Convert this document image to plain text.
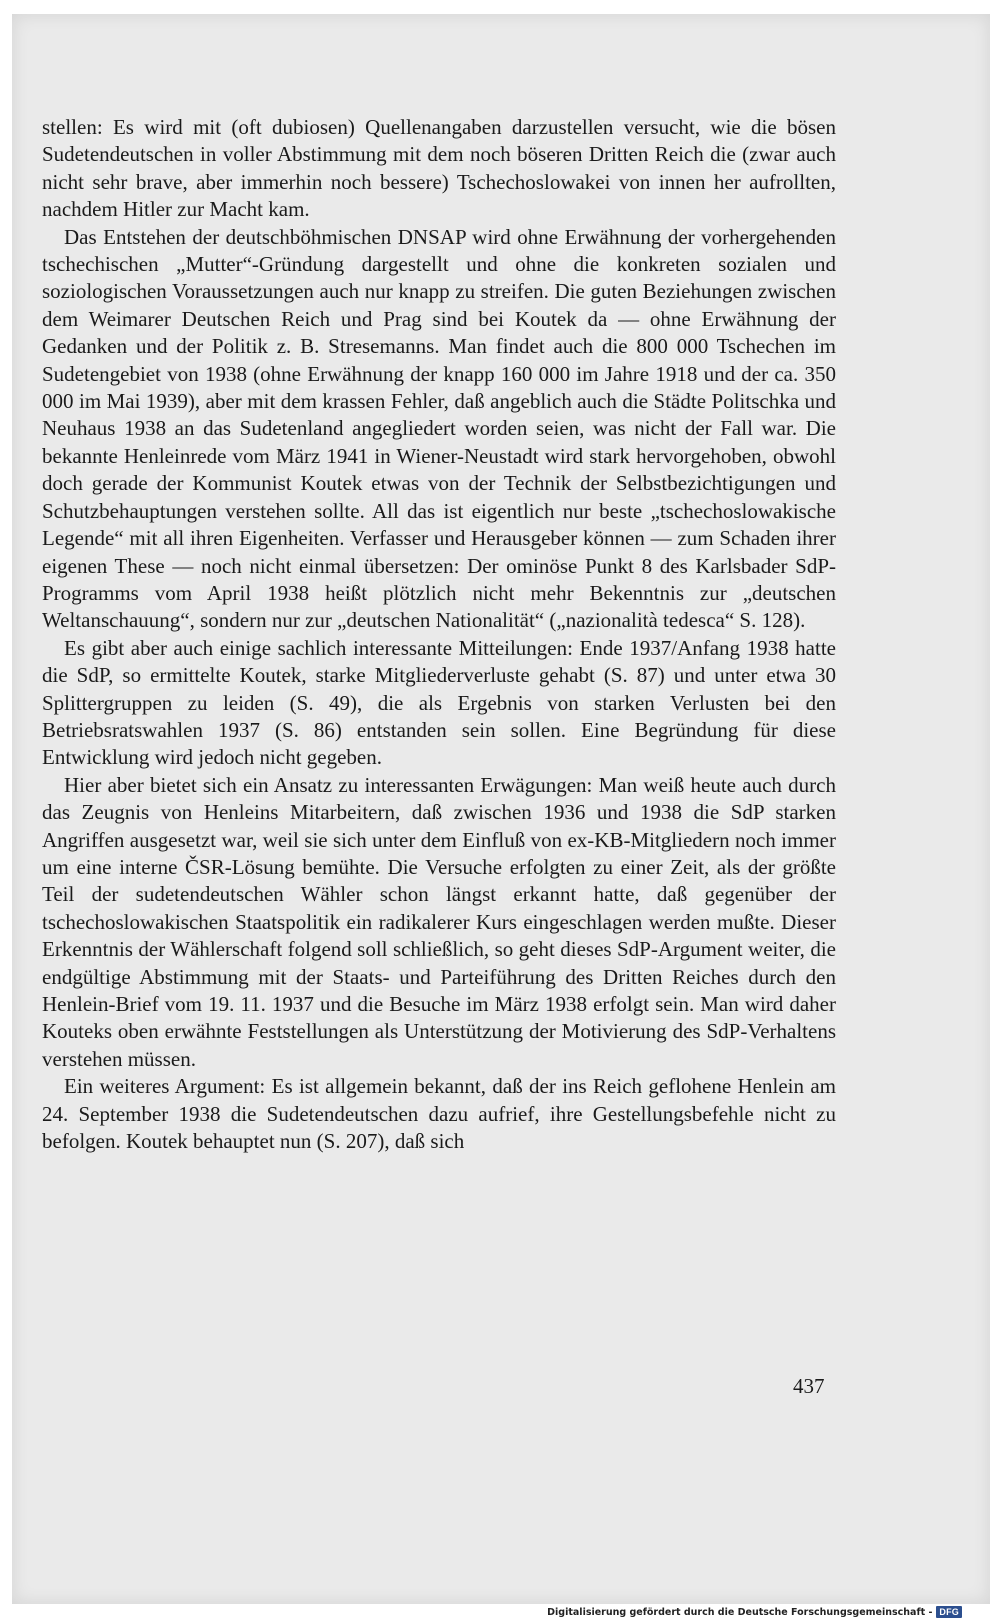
stellen: Es wird mit (oft dubiosen) Quellenangaben darzustellen versucht, wie die bösen Sudetendeutschen in voller Abstimmung mit dem noch böseren Dritten Reich die (zwar auch nicht sehr brave, aber immerhin noch bessere) Tschechoslowakei von innen her aufrollten, nachdem Hitler zur Macht kam.

Das Entstehen der deutschböhmischen DNSAP wird ohne Erwähnung der vorhergehenden tschechischen „Mutter“-Gründung dargestellt und ohne die konkreten sozialen und soziologischen Voraussetzungen auch nur knapp zu streifen. Die guten Beziehungen zwischen dem Weimarer Deutschen Reich und Prag sind bei Koutek da — ohne Erwähnung der Gedanken und der Politik z. B. Stresemanns. Man findet auch die 800 000 Tschechen im Sudetengebiet von 1938 (ohne Erwähnung der knapp 160 000 im Jahre 1918 und der ca. 350 000 im Mai 1939), aber mit dem krassen Fehler, daß angeblich auch die Städte Politschka und Neuhaus 1938 an das Sudetenland angegliedert worden seien, was nicht der Fall war. Die bekannte Henleinrede vom März 1941 in Wiener-Neustadt wird stark hervorgehoben, obwohl doch gerade der Kommunist Koutek etwas von der Technik der Selbstbezichtigungen und Schutzbehauptungen verstehen sollte. All das ist eigentlich nur beste „tschechoslowakische Legende“ mit all ihren Eigenheiten. Verfasser und Herausgeber können — zum Schaden ihrer eigenen These — noch nicht einmal übersetzen: Der ominöse Punkt 8 des Karlsbader SdP-Programms vom April 1938 heißt plötzlich nicht mehr Bekenntnis zur „deutschen Weltanschauung“, sondern nur zur „deutschen Nationalität“ („nazionalità tedesca“ S. 128).

Es gibt aber auch einige sachlich interessante Mitteilungen: Ende 1937/Anfang 1938 hatte die SdP, so ermittelte Koutek, starke Mitgliederverluste gehabt (S. 87) und unter etwa 30 Splittergruppen zu leiden (S. 49), die als Ergebnis von starken Verlusten bei den Betriebsratswahlen 1937 (S. 86) entstanden sein sollen. Eine Begründung für diese Entwicklung wird jedoch nicht gegeben.

Hier aber bietet sich ein Ansatz zu interessanten Erwägungen: Man weiß heute auch durch das Zeugnis von Henleins Mitarbeitern, daß zwischen 1936 und 1938 die SdP starken Angriffen ausgesetzt war, weil sie sich unter dem Einfluß von ex-KB-Mitgliedern noch immer um eine interne ČSR-Lösung bemühte. Die Versuche erfolgten zu einer Zeit, als der größte Teil der sudetendeutschen Wähler schon längst erkannt hatte, daß gegenüber der tschechoslowakischen Staatspolitik ein radikalerer Kurs eingeschlagen werden mußte. Dieser Erkenntnis der Wählerschaft folgend soll schließlich, so geht dieses SdP-Argument weiter, die endgültige Abstimmung mit der Staats- und Parteiführung des Dritten Reiches durch den Henlein-Brief vom 19. 11. 1937 und die Besuche im März 1938 erfolgt sein. Man wird daher Kouteks oben erwähnte Feststellungen als Unterstützung der Motivierung des SdP-Verhaltens verstehen müssen.

Ein weiteres Argument: Es ist allgemein bekannt, daß der ins Reich geflohene Henlein am 24. September 1938 die Sudetendeutschen dazu aufrief, ihre Gestellungsbefehle nicht zu befolgen. Koutek behauptet nun (S. 207), daß sich

437
Digitalisierung gefördert durch die Deutsche Forschungsgemeinschaft - DFG
